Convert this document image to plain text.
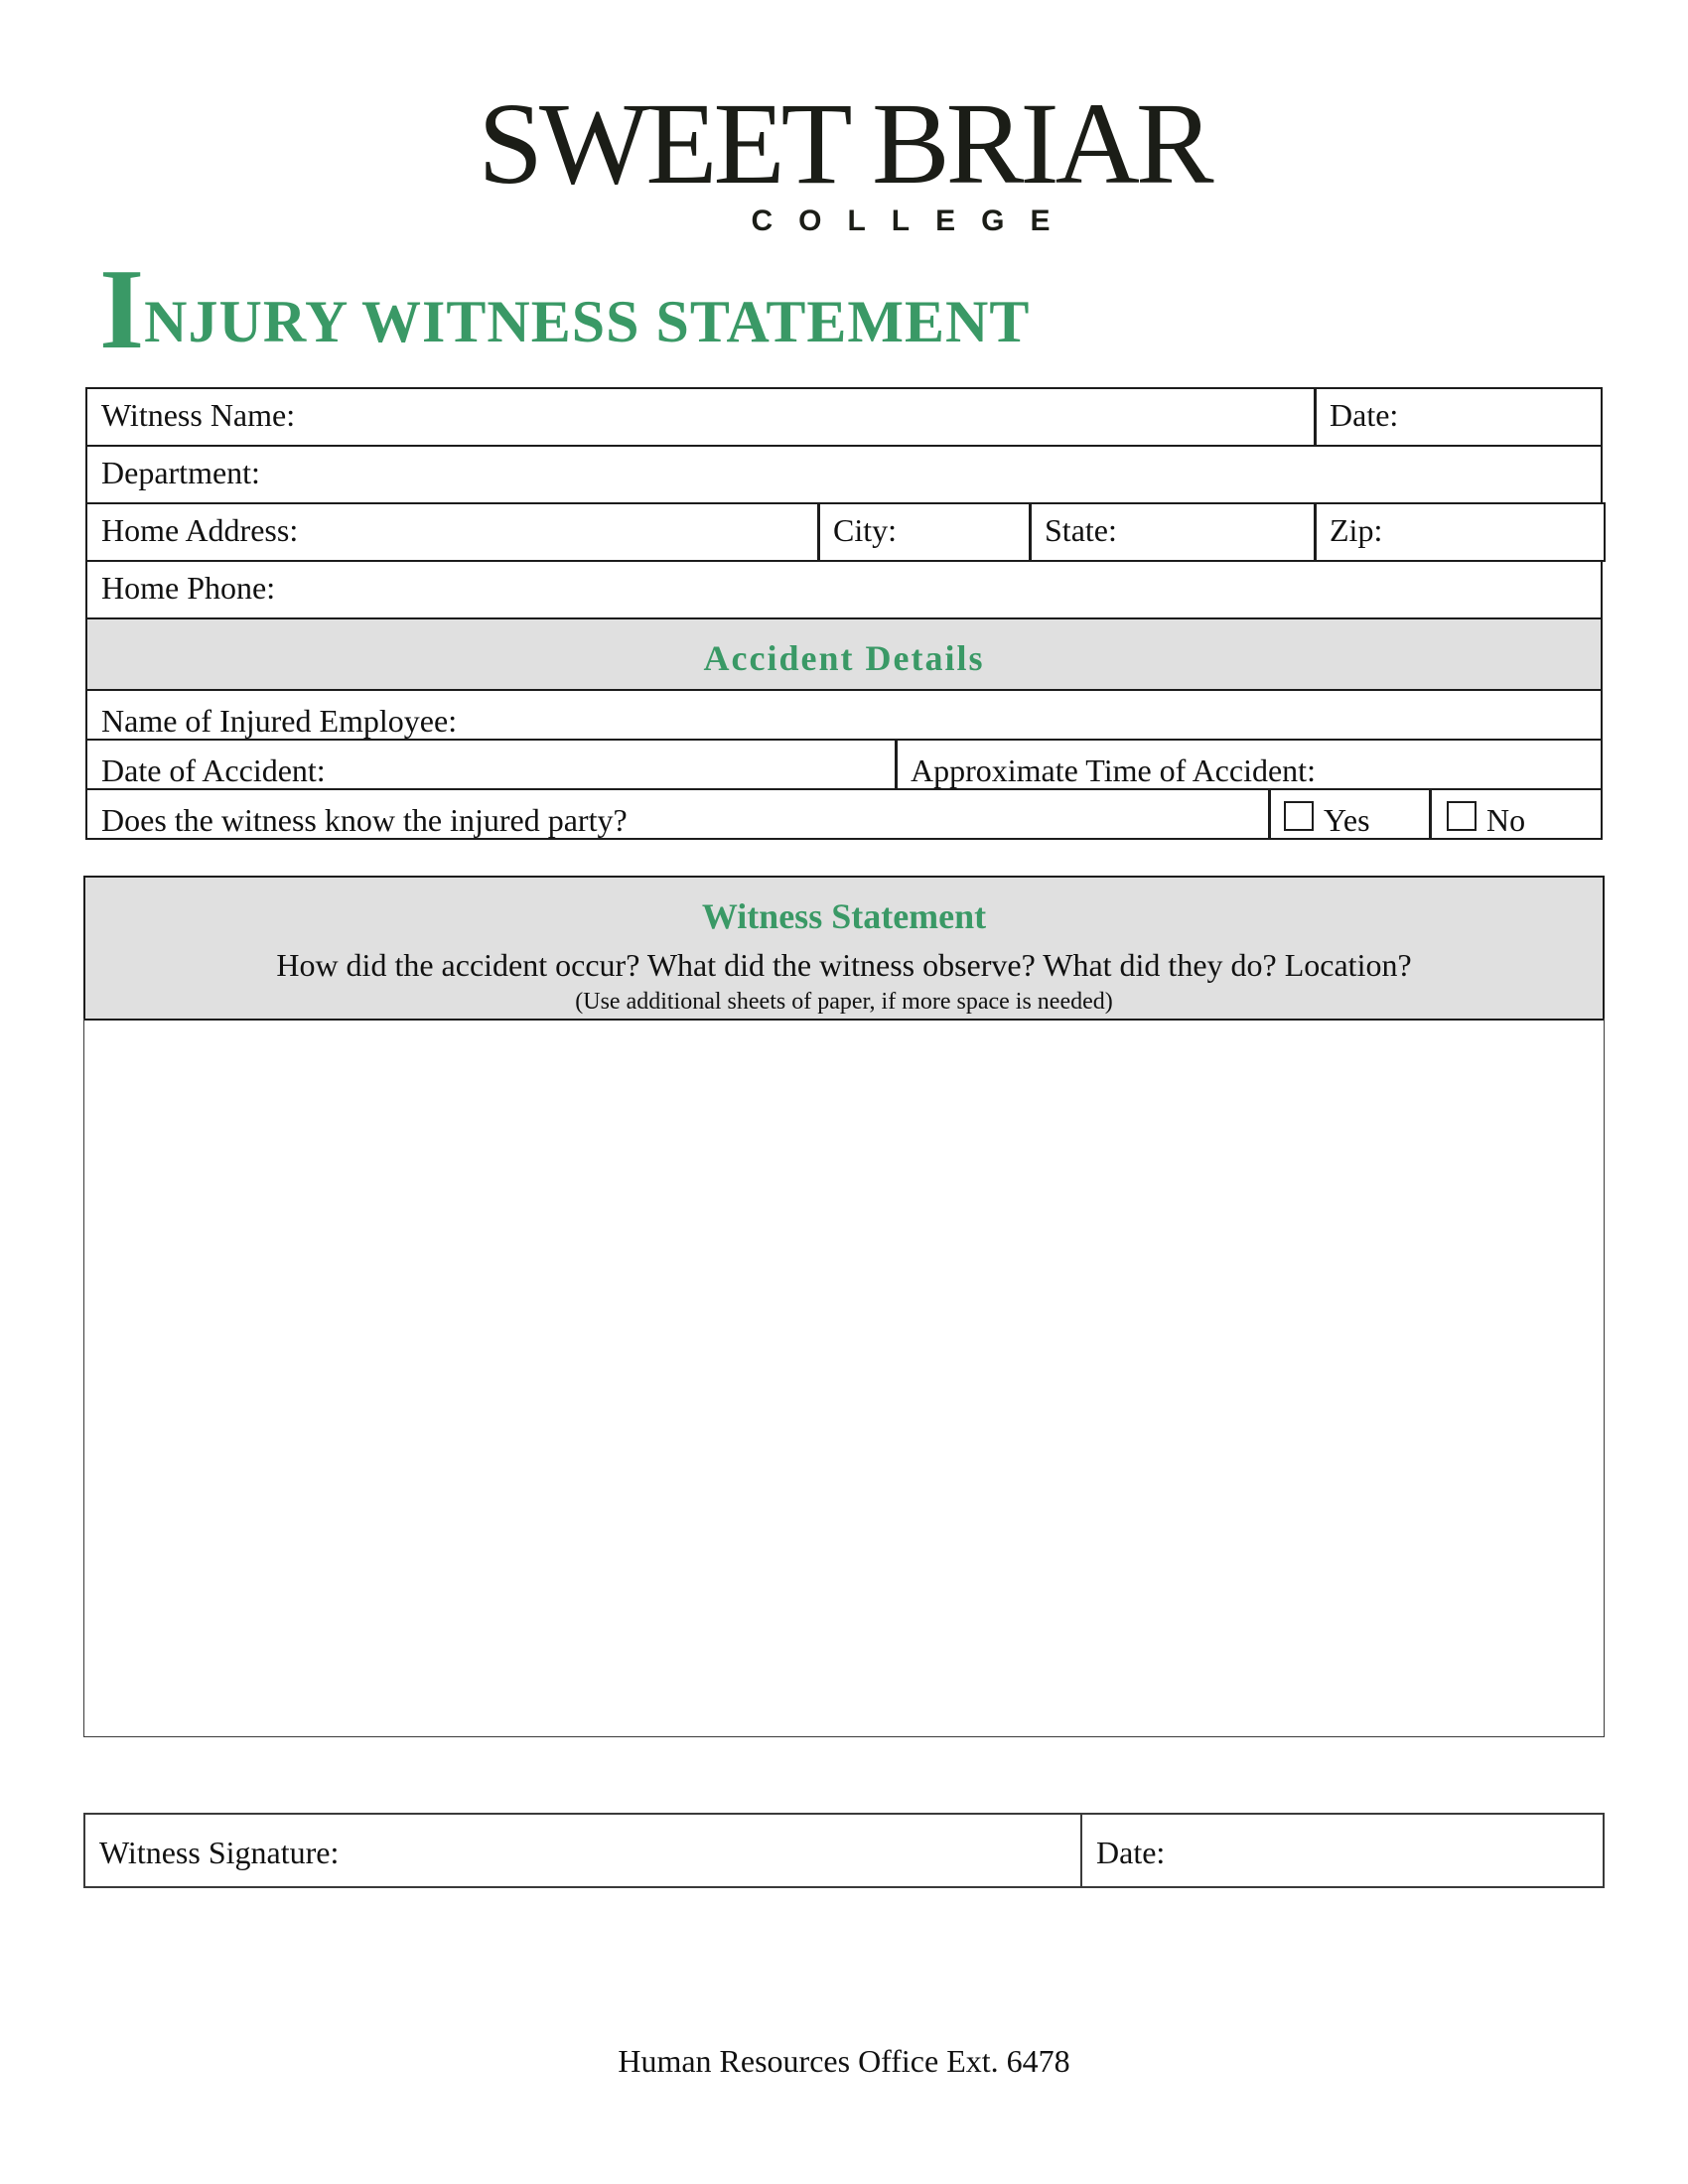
SWEET BRIAR
COLLEGE
INJURY WITNESS STATEMENT
Witness Name:	Date:
Department:
Home Address:	City:	State:	Zip:
Home Phone:
Accident Details
Name of Injured Employee:
Date of Accident:	Approximate Time of Accident:
Does the witness know the injured party?	Yes	No
Witness Statement
How did the accident occur? What did the witness observe? What did they do? Location?
(Use additional sheets of paper, if more space is needed)
Witness Signature:	Date:
Human Resources Office Ext. 6478
